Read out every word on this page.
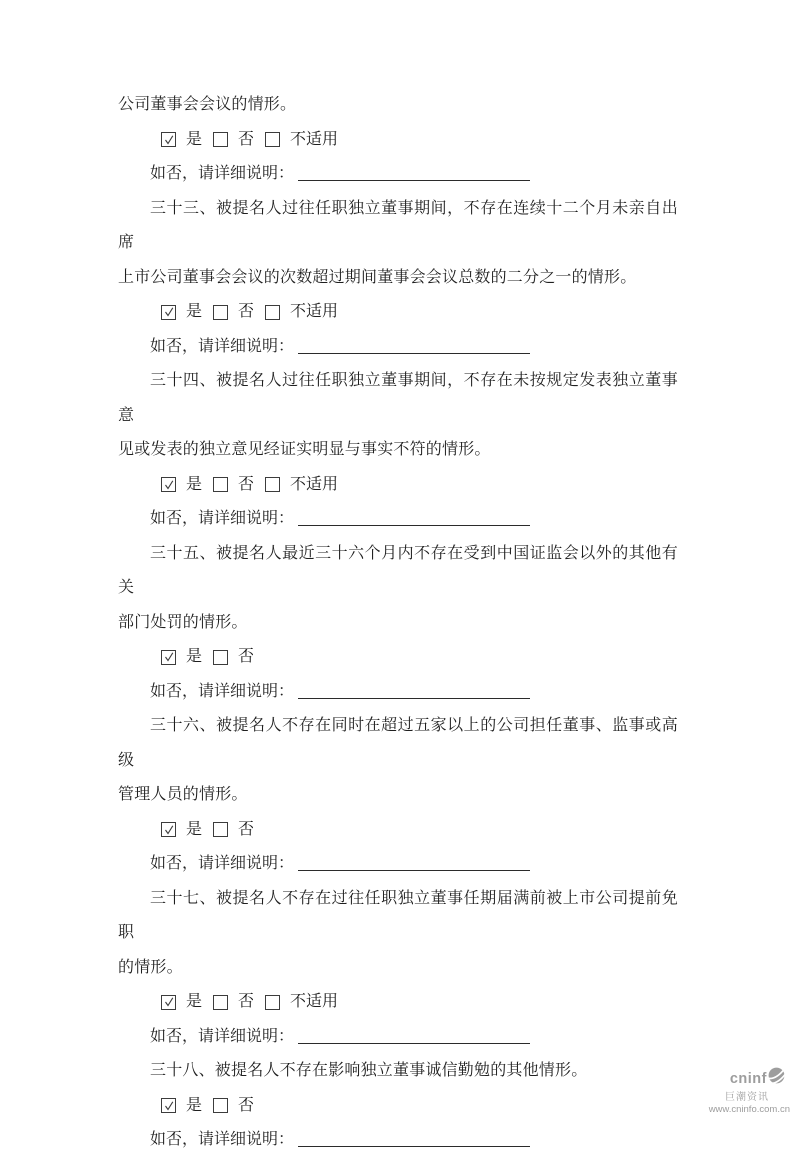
公司董事会会议的情形。
是 否 不适用
如否，请详细说明：
三十三、被提名人过往任职独立董事期间，不存在连续十二个月未亲自出席
上市公司董事会会议的次数超过期间董事会会议总数的二分之一的情形。
是 否 不适用
如否，请详细说明：
三十四、被提名人过往任职独立董事期间，不存在未按规定发表独立董事意
见或发表的独立意见经证实明显与事实不符的情形。
是 否 不适用
如否，请详细说明：
三十五、被提名人最近三十六个月内不存在受到中国证监会以外的其他有关
部门处罚的情形。
是 否
如否，请详细说明：
三十六、被提名人不存在同时在超过五家以上的公司担任董事、监事或高级
管理人员的情形。
是 否
如否，请详细说明：
三十七、被提名人不存在过往任职独立董事任期届满前被上市公司提前免职
的情形。
是 否 不适用
如否，请详细说明：
三十八、被提名人不存在影响独立董事诚信勤勉的其他情形。
是 否
如否，请详细说明：
cninf
巨潮资讯
www.cninfo.com.cn
